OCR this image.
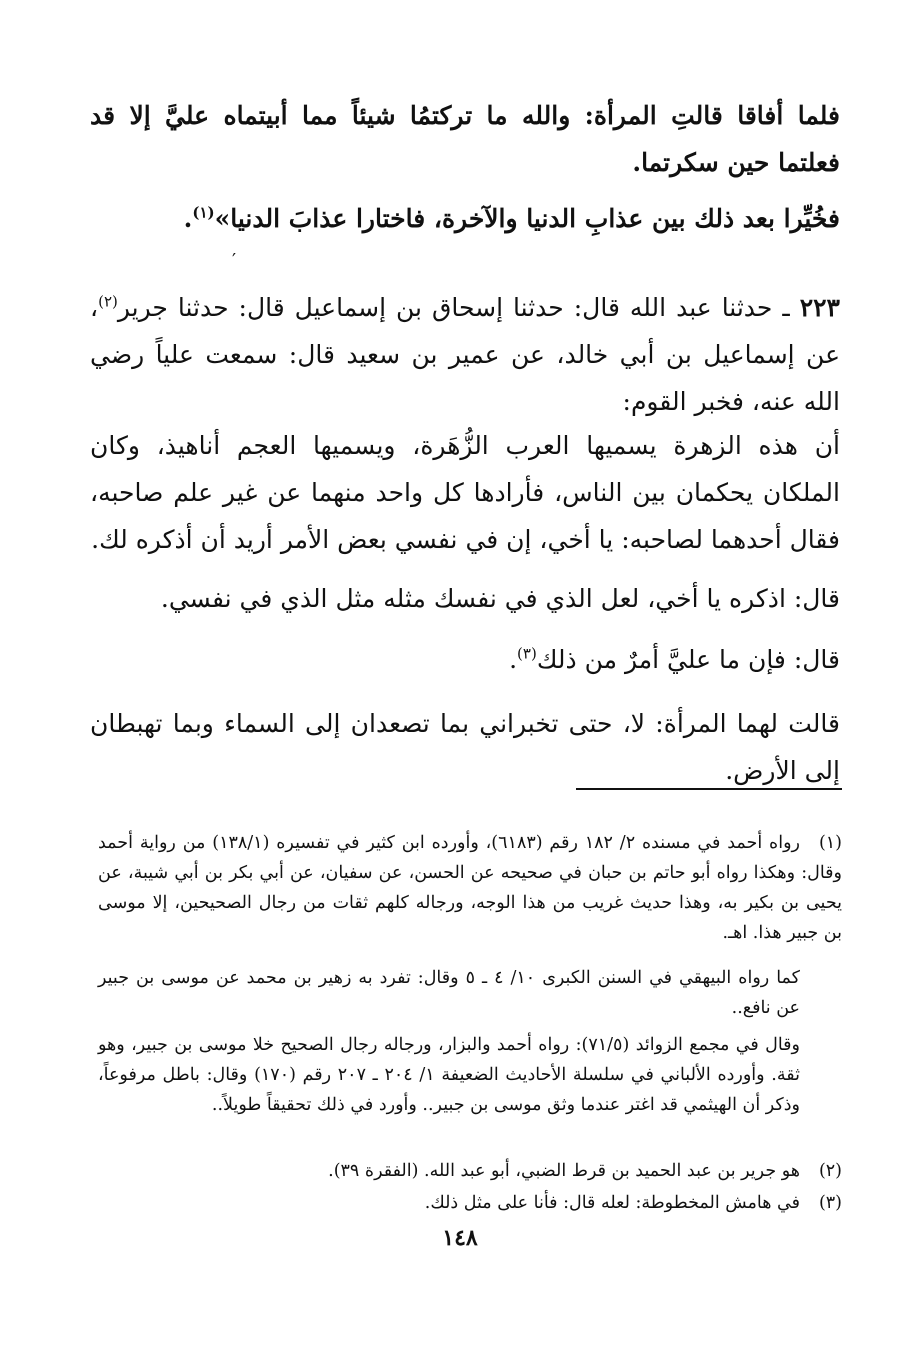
فلما أفاقا قالتِ المرأة: والله ما تركتمُا شيئاً مما أبيتماه عليَّ إلا قد فعلتما حين سكرتما.
فخُيِّرا بعد ذلك بين عذابِ الدنيا والآخرة، فاختارا عذابَ الدنيا»$^{(١)}$.
′
٢٢٣ ـ حدثنا عبد الله قال: حدثنا إسحاق بن إسماعيل قال: حدثنا جرير$^{(٢)}$، عن إسماعيل بن أبي خالد، عن عمير بن سعيد قال: سمعت علياً رضي الله عنه، فخبر القوم:
أن هذه الزهرة يسميها العرب الزُّهَرة، ويسميها العجم أناهيذ، وكان الملكان يحكمان بين الناس، فأرادها كل واحد منهما عن غير علم صاحبه، فقال أحدهما لصاحبه: يا أخي، إن في نفسي بعض الأمر أريد أن أذكره لك.
قال: اذكره يا أخي، لعل الذي في نفسك مثله مثل الذي في نفسي.
قال: فإن ما عليَّ أمرٌ من ذلك$^{(٣)}$.
قالت لهما المرأة: لا، حتى تخبراني بما تصعدان إلى السماء وبما تهبطان إلى الأرض.
(١)رواه أحمد في مسنده ٢/ ١٨٢ رقم (٦١٨٣)، وأورده ابن كثير في تفسيره (١٣٨/١) من رواية أحمد وقال: وهكذا رواه أبو حاتم بن حبان في صحيحه عن الحسن، عن سفيان، عن أبي بكر بن أبي شيبة، عن يحيى بن بكير به، وهذا حديث غريب من هذا الوجه، ورجاله كلهم ثقات من رجال الصحيحين، إلا موسى بن جبير هذا. اهـ.
كما رواه البيهقي في السنن الكبرى ١٠/ ٤ ـ ٥ وقال: تفرد به زهير بن محمد عن موسى بن جبير عن نافع..
وقال في مجمع الزوائد (٧١/٥): رواه أحمد والبزار، ورجاله رجال الصحيح خلا موسى بن جبير، وهو ثقة. وأورده الألباني في سلسلة الأحاديث الضعيفة ١/ ٢٠٤ ـ ٢٠٧ رقم (١٧٠) وقال: باطل مرفوعاً، وذكر أن الهيثمي قد اغتر عندما وثق موسى بن جبير.. وأورد في ذلك تحقيقاً طويلاً..
(٢)هو جرير بن عبد الحميد بن قرط الضبي، أبو عبد الله. (الفقرة ٣٩).
(٣)في هامش المخطوطة: لعله قال: فأنا على مثل ذلك.
١٤٨
